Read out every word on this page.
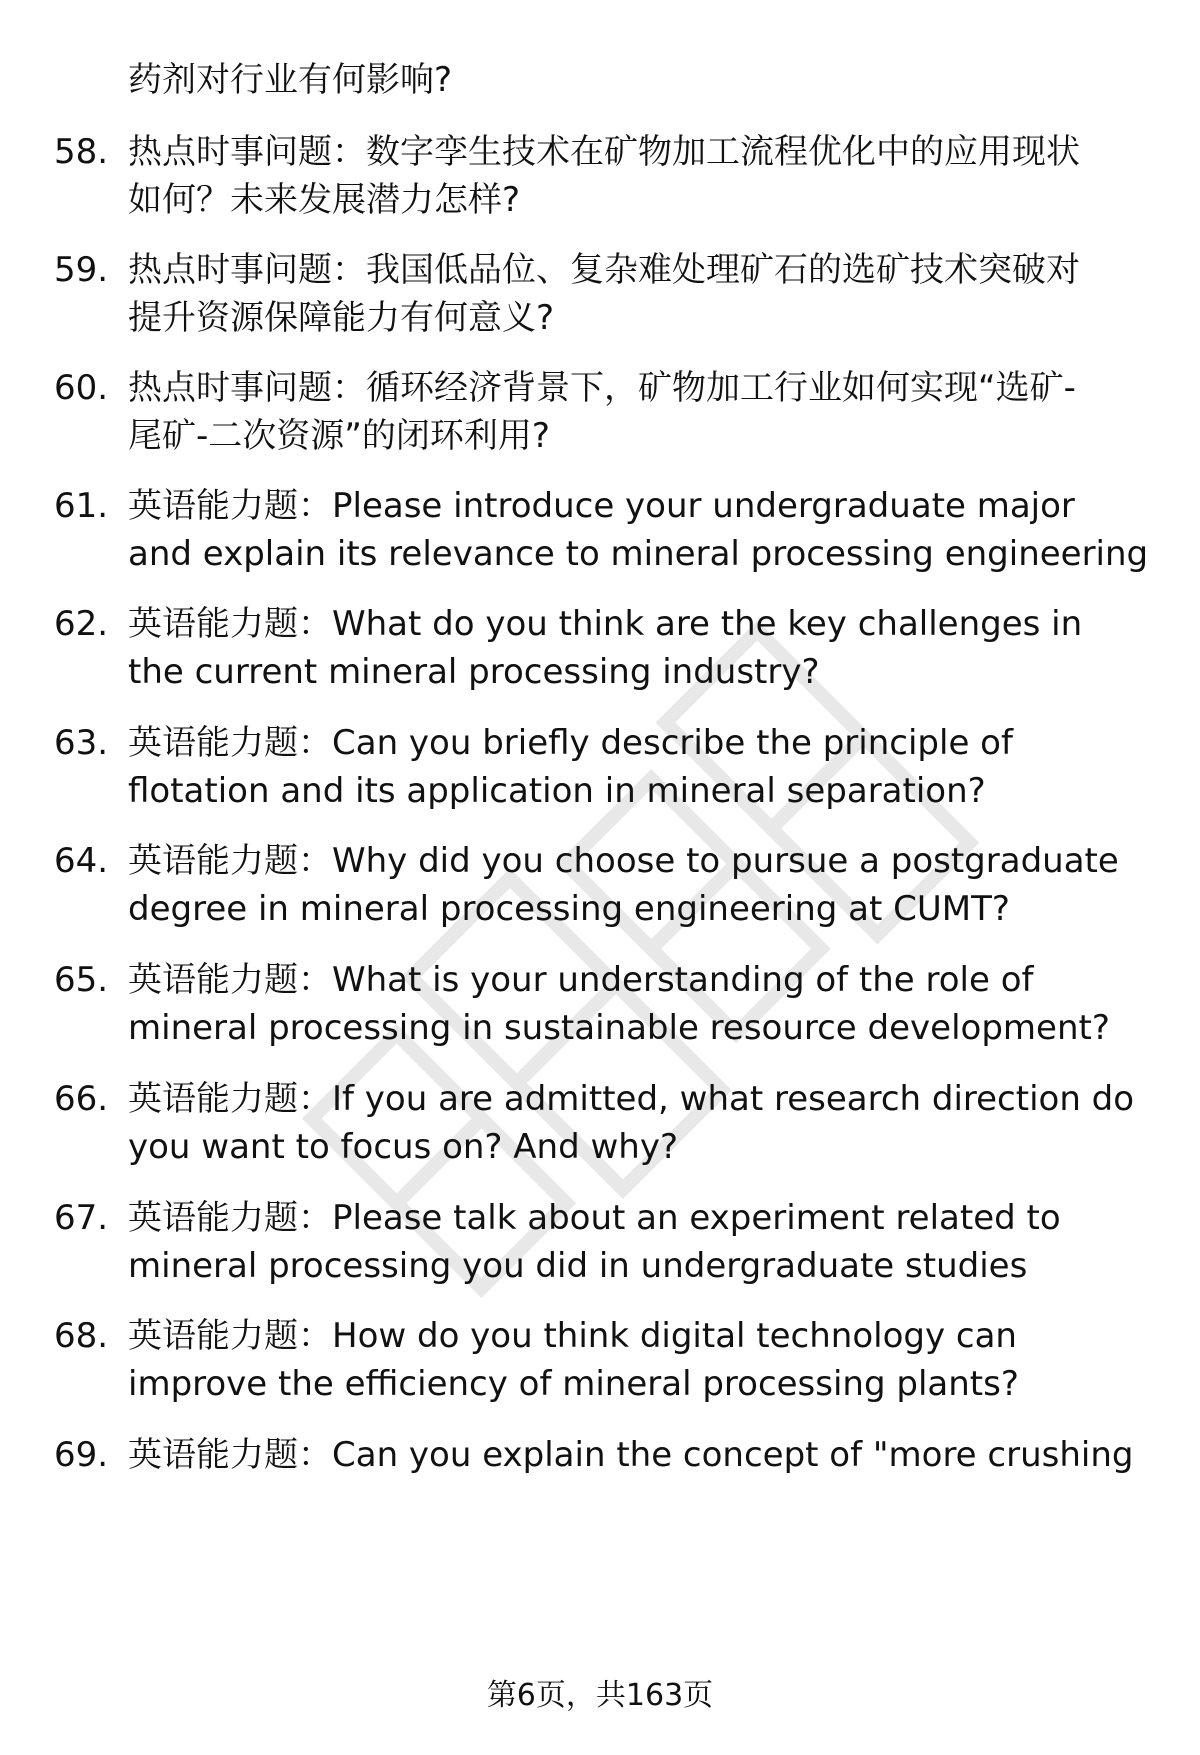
药剂对行业有何影响?
58. 热点时事问题：数字孪生技术在矿物加工流程优化中的应用现状
如何？未来发展潜力怎样?
59. 热点时事问题：我国低品位、复杂难处理矿石的选矿技术突破对
提升资源保障能力有何意义?
60. 热点时事问题：循环经济背景下，矿物加工行业如何实现“选矿-
尾矿-二次资源”的闭环利用?
61. 英语能力题：Please introduce your undergraduate major
and explain its relevance to mineral processing engineering
62. 英语能力题：What do you think are the key challenges in
the current mineral processing industry?
63. 英语能力题：Can you briefly describe the principle of
flotation and its application in mineral separation?
64. 英语能力题：Why did you choose to pursue a postgraduate
degree in mineral processing engineering at CUMT?
65. 英语能力题：What is your understanding of the role of
mineral processing in sustainable resource development?
66. 英语能力题：If you are admitted, what research direction do
you want to focus on? And why?
67. 英语能力题：Please talk about an experiment related to
mineral processing you did in undergraduate studies
68. 英语能力题：How do you think digital technology can
improve the efficiency of mineral processing plants?
69. 英语能力题：Can you explain the concept of "more crushing
第6页，共163页
